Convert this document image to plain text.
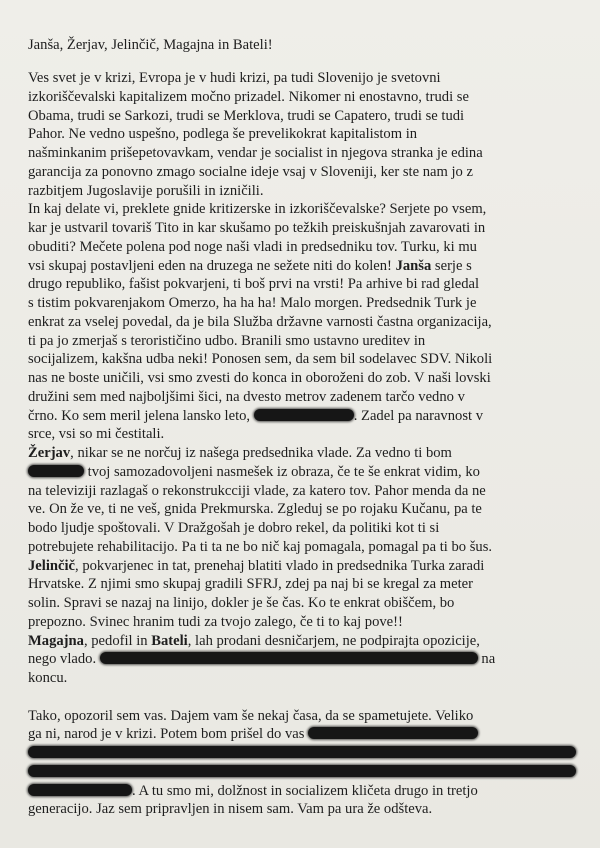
Janša, Žerjav, Jelinčič, Magajna in Bateli!
Ves svet je v krizi, Evropa je v hudi krizi, pa tudi Slovenijo je svetovni
izkoriščevalski kapitalizem močno prizadel. Nikomer ni enostavno, trudi se
Obama, trudi se Sarkozi, trudi se Merklova, trudi se Capatero, trudi se tudi
Pahor. Ne vedno uspešno, podlega še prevelikokrat kapitalistom in
našminkanim prišepetovavkam, vendar je socialist in njegova stranka je edina
garancija za ponovno zmago socialne ideje vsaj v Sloveniji, ker ste nam jo z
razbitjem Jugoslavije porušili in izničili.
In kaj delate vi, preklete gnide kritizerske in izkoriščevalske? Serjete po vsem,
kar je ustvaril tovariš Tito in kar skušamo po težkih preiskušnjah zavarovati in
obuditi? Mečete polena pod noge naši vladi in predsedniku tov. Turku, ki mu
vsi skupaj postavljeni eden na druzega ne sežete niti do kolen! Janša serje s
drugo republiko, fašist pokvarjeni, ti boš prvi na vrsti! Pa arhive bi rad gledal
s tistim pokvarenjakom Omerzo, ha ha ha! Malo morgen. Predsednik Turk je
enkrat za vselej povedal, da je bila Služba državne varnosti častna organizacija,
ti pa jo zmerjaš s terorističino udbo. Branili smo ustavno ureditev in
socijalizem, kakšna udba neki! Ponosen sem, da sem bil sodelavec SDV. Nikoli
nas ne boste uničili, vsi smo zvesti do konca in oboroženi do zob. V naši lovski
družini sem med najboljšimi šici, na dvesto metrov zadenem tarčo vedno v
črno. Ko sem meril jelena lansko leto,	. Zadel pa naravnost v
srce, vsi so mi čestitali.
Žerjav, nikar se ne norčuj iz našega predsednika vlade. Za vedno ti bom
tvoj samozadovoljeni nasmešek iz obraza, če te še enkrat vidim, ko
na televiziji razlagaš o rekonstrukcciji vlade, za katero tov. Pahor menda da ne
ve. On že ve, ti ne veš, gnida Prekmurska. Zgleduj se po rojaku Kučanu, pa te
bodo ljudje spoštovali. V Dražgošah je dobro rekel, da politiki kot ti si
potrebujete rehabilitacijo. Pa ti ta ne bo nič kaj pomagala, pomagal pa ti bo šus.
Jelinčič, pokvarjenec in tat, prenehaj blatiti vlado in predsednika Turka zaradi
Hrvatske. Z njimi smo skupaj gradili SFRJ, zdej pa naj bi se kregal za meter
solin. Spravi se nazaj na linijo, dokler je še čas. Ko te enkrat obiščem, bo
prepozno. Svinec hranim tudi za tvojo zalego, če ti to kaj pove!!
Magajna, pedofil in Bateli, lah prodani desničarjem, ne podpirajta opozicije,
nego vlado.	na
koncu.
Tako, opozoril sem vas. Dajem vam še nekaj časa, da se spametujete. Veliko
ga ni, narod je v krizi. Potem bom prišel do vas
. A tu smo mi, dolžnost in socializem kličeta drugo in tretjo
generacijo. Jaz sem pripravljen in nisem sam. Vam pa ura že odšteva.
